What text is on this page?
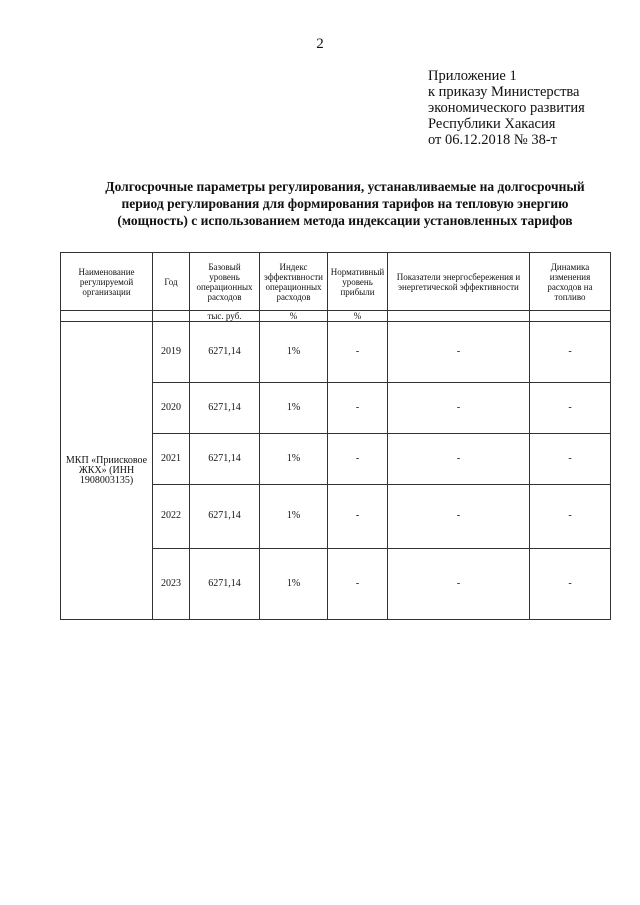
2
Приложение 1
к приказу Министерства
экономического развития
Республики Хакасия
от 06.12.2018 № 38-т
Долгосрочные параметры регулирования, устанавливаемые на долгосрочный
период регулирования для формирования тарифов на тепловую энергию
(мощность) с использованием метода индексации установленных тарифов
Наименование регулируемой организации	Год	Базовый уровень операционных расходов	Индекс эффективности операционных расходов	Нормативный уровень прибыли	Показатели энергосбережения и энергетической эффективности	Динамика изменения расходов на топливо
		тыс. руб.	%	%		
МКП «Приисковое ЖКХ» (ИНН 1908003135)	2019	6271,14	1%	-	-	-
	2020	6271,14	1%	-	-	-
	2021	6271,14	1%	-	-	-
	2022	6271,14	1%	-	-	-
	2023	6271,14	1%	-	-	-
